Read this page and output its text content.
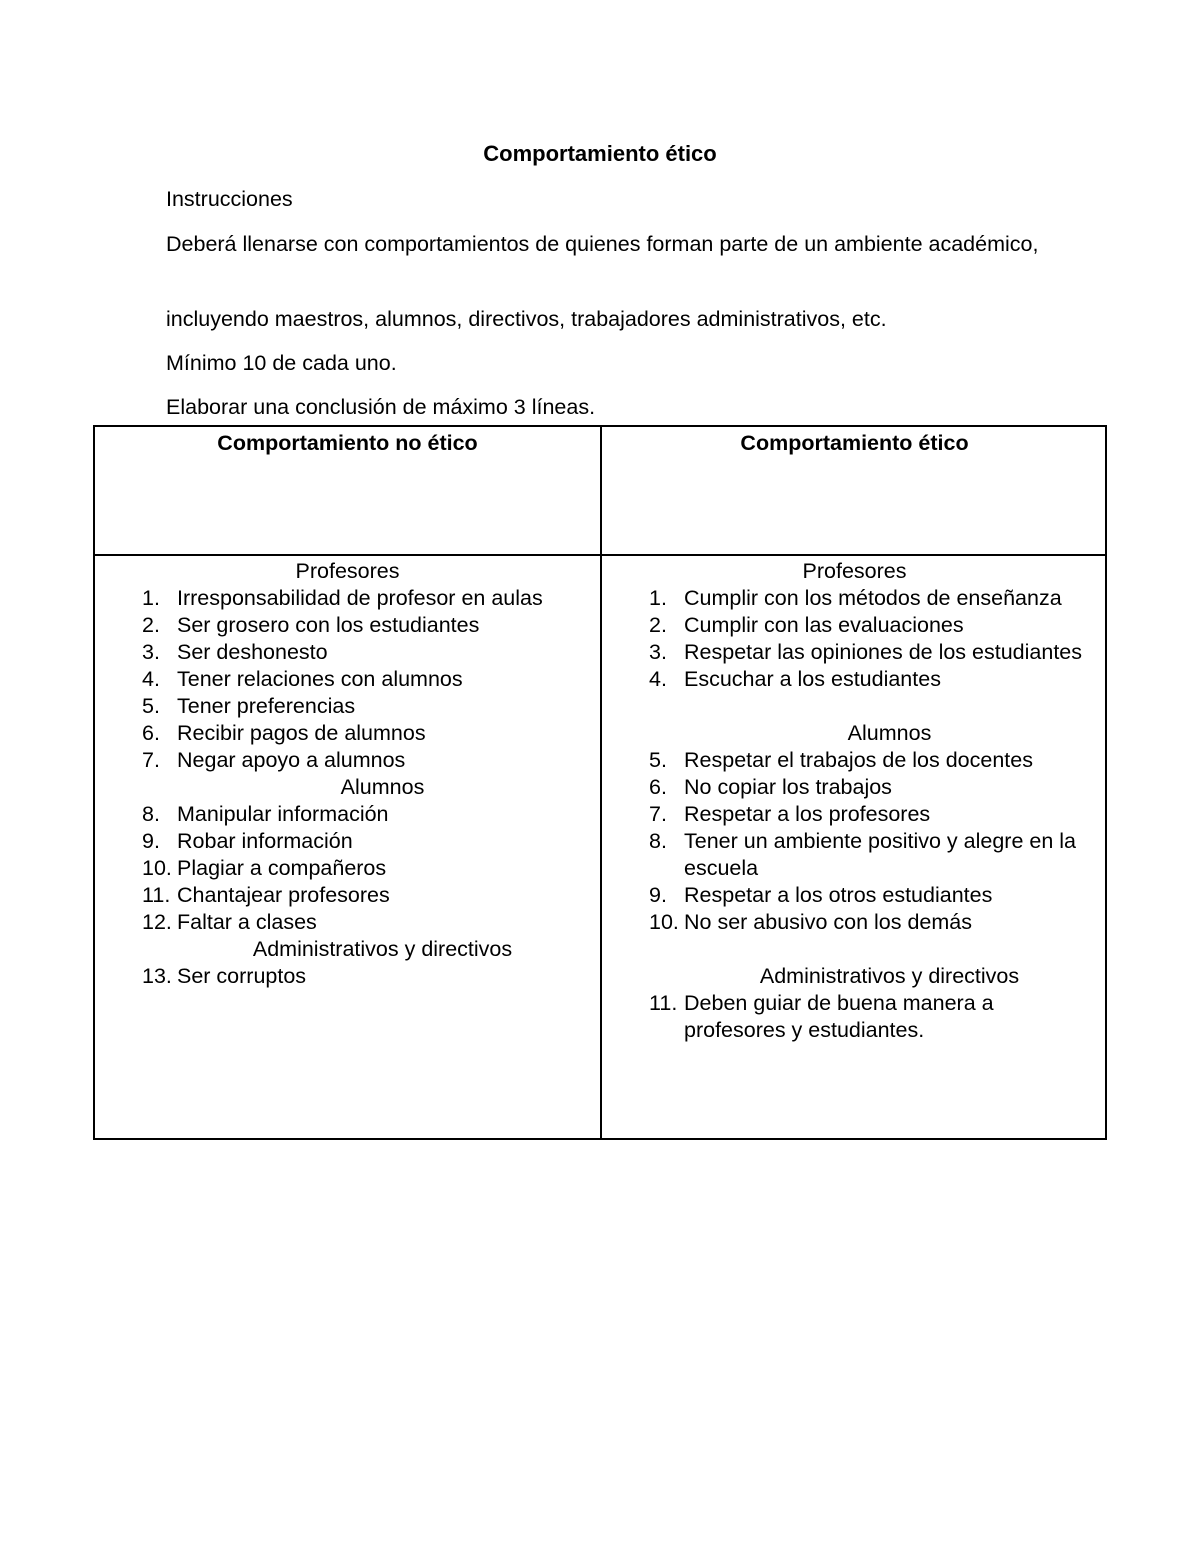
Comportamiento ético
Instrucciones
Deberá llenarse con comportamientos de quienes forman parte de un ambiente académico,
incluyendo maestros, alumnos, directivos, trabajadores administrativos, etc.
Mínimo 10 de cada uno.
Elaborar una conclusión de máximo 3 líneas.
Comportamiento no ético	Comportamiento ético
Profesores
1. Irresponsabilidad de profesor en aulas
2. Ser grosero con los estudiantes
3. Ser deshonesto
4. Tener relaciones con alumnos
5. Tener preferencias
6. Recibir pagos de alumnos
7. Negar apoyo a alumnos
Alumnos
8. Manipular información
9. Robar información
10. Plagiar a compañeros
11. Chantajear profesores
12. Faltar a clases
Administrativos y directivos
13. Ser corruptos
Profesores
1. Cumplir con los métodos de enseñanza
2. Cumplir con las evaluaciones
3. Respetar las opiniones de los estudiantes
4. Escuchar a los estudiantes
Alumnos
5. Respetar el trabajos de los docentes
6. No copiar los trabajos
7. Respetar a los profesores
8. Tener un ambiente positivo y alegre en la escuela
9. Respetar a los otros estudiantes
10. No ser abusivo con los demás
Administrativos y directivos
11. Deben guiar de buena manera a profesores y estudiantes.
